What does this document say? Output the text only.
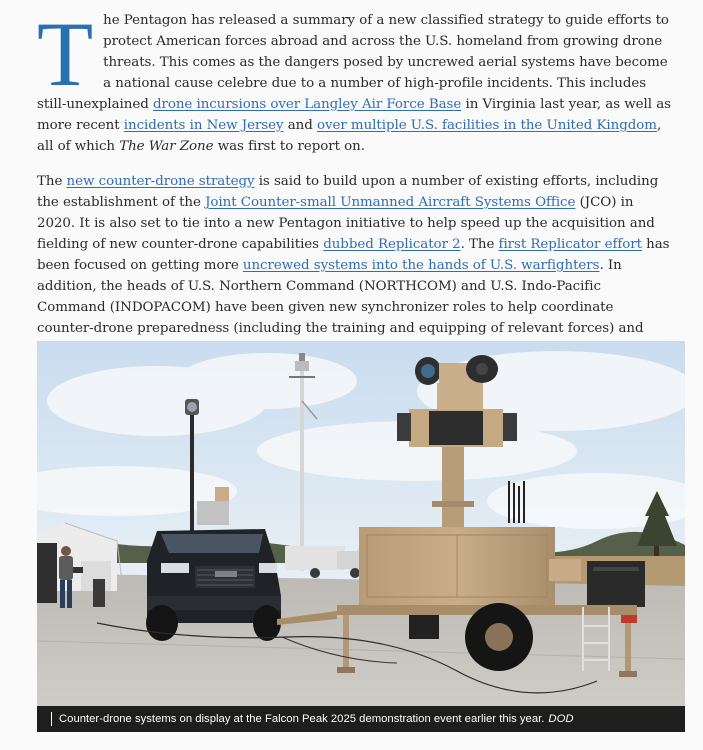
The Pentagon has released a summary of a new classified strategy to guide efforts to protect American forces abroad and across the U.S. homeland from growing drone threats. This comes as the dangers posed by uncrewed aerial systems have become a national cause celebre due to a number of high-profile incidents. This includes still-unexplained drone incursions over Langley Air Force Base in Virginia last year, as well as more recent incidents in New Jersey and over multiple U.S. facilities in the United Kingdom, all of which The War Zone was first to report on.

The new counter-drone strategy is said to build upon a number of existing efforts, including the establishment of the Joint Counter-small Unmanned Aircraft Systems Office (JCO) in 2020. It is also set to tie into a new Pentagon initiative to help speed up the acquisition and fielding of new counter-drone capabilities dubbed Replicator 2. The first Replicator effort has been focused on getting more uncrewed systems into the hands of U.S. warfighters. In addition, the heads of U.S. Northern Command (NORTHCOM) and U.S. Indo-Pacific Command (INDOPACOM) have been given new synchronizer roles to help coordinate counter-drone preparedness (including the training and equipping of relevant forces) and

Counter-drone systems on display at the Falcon Peak 2025 demonstration event earlier this year. DOD
